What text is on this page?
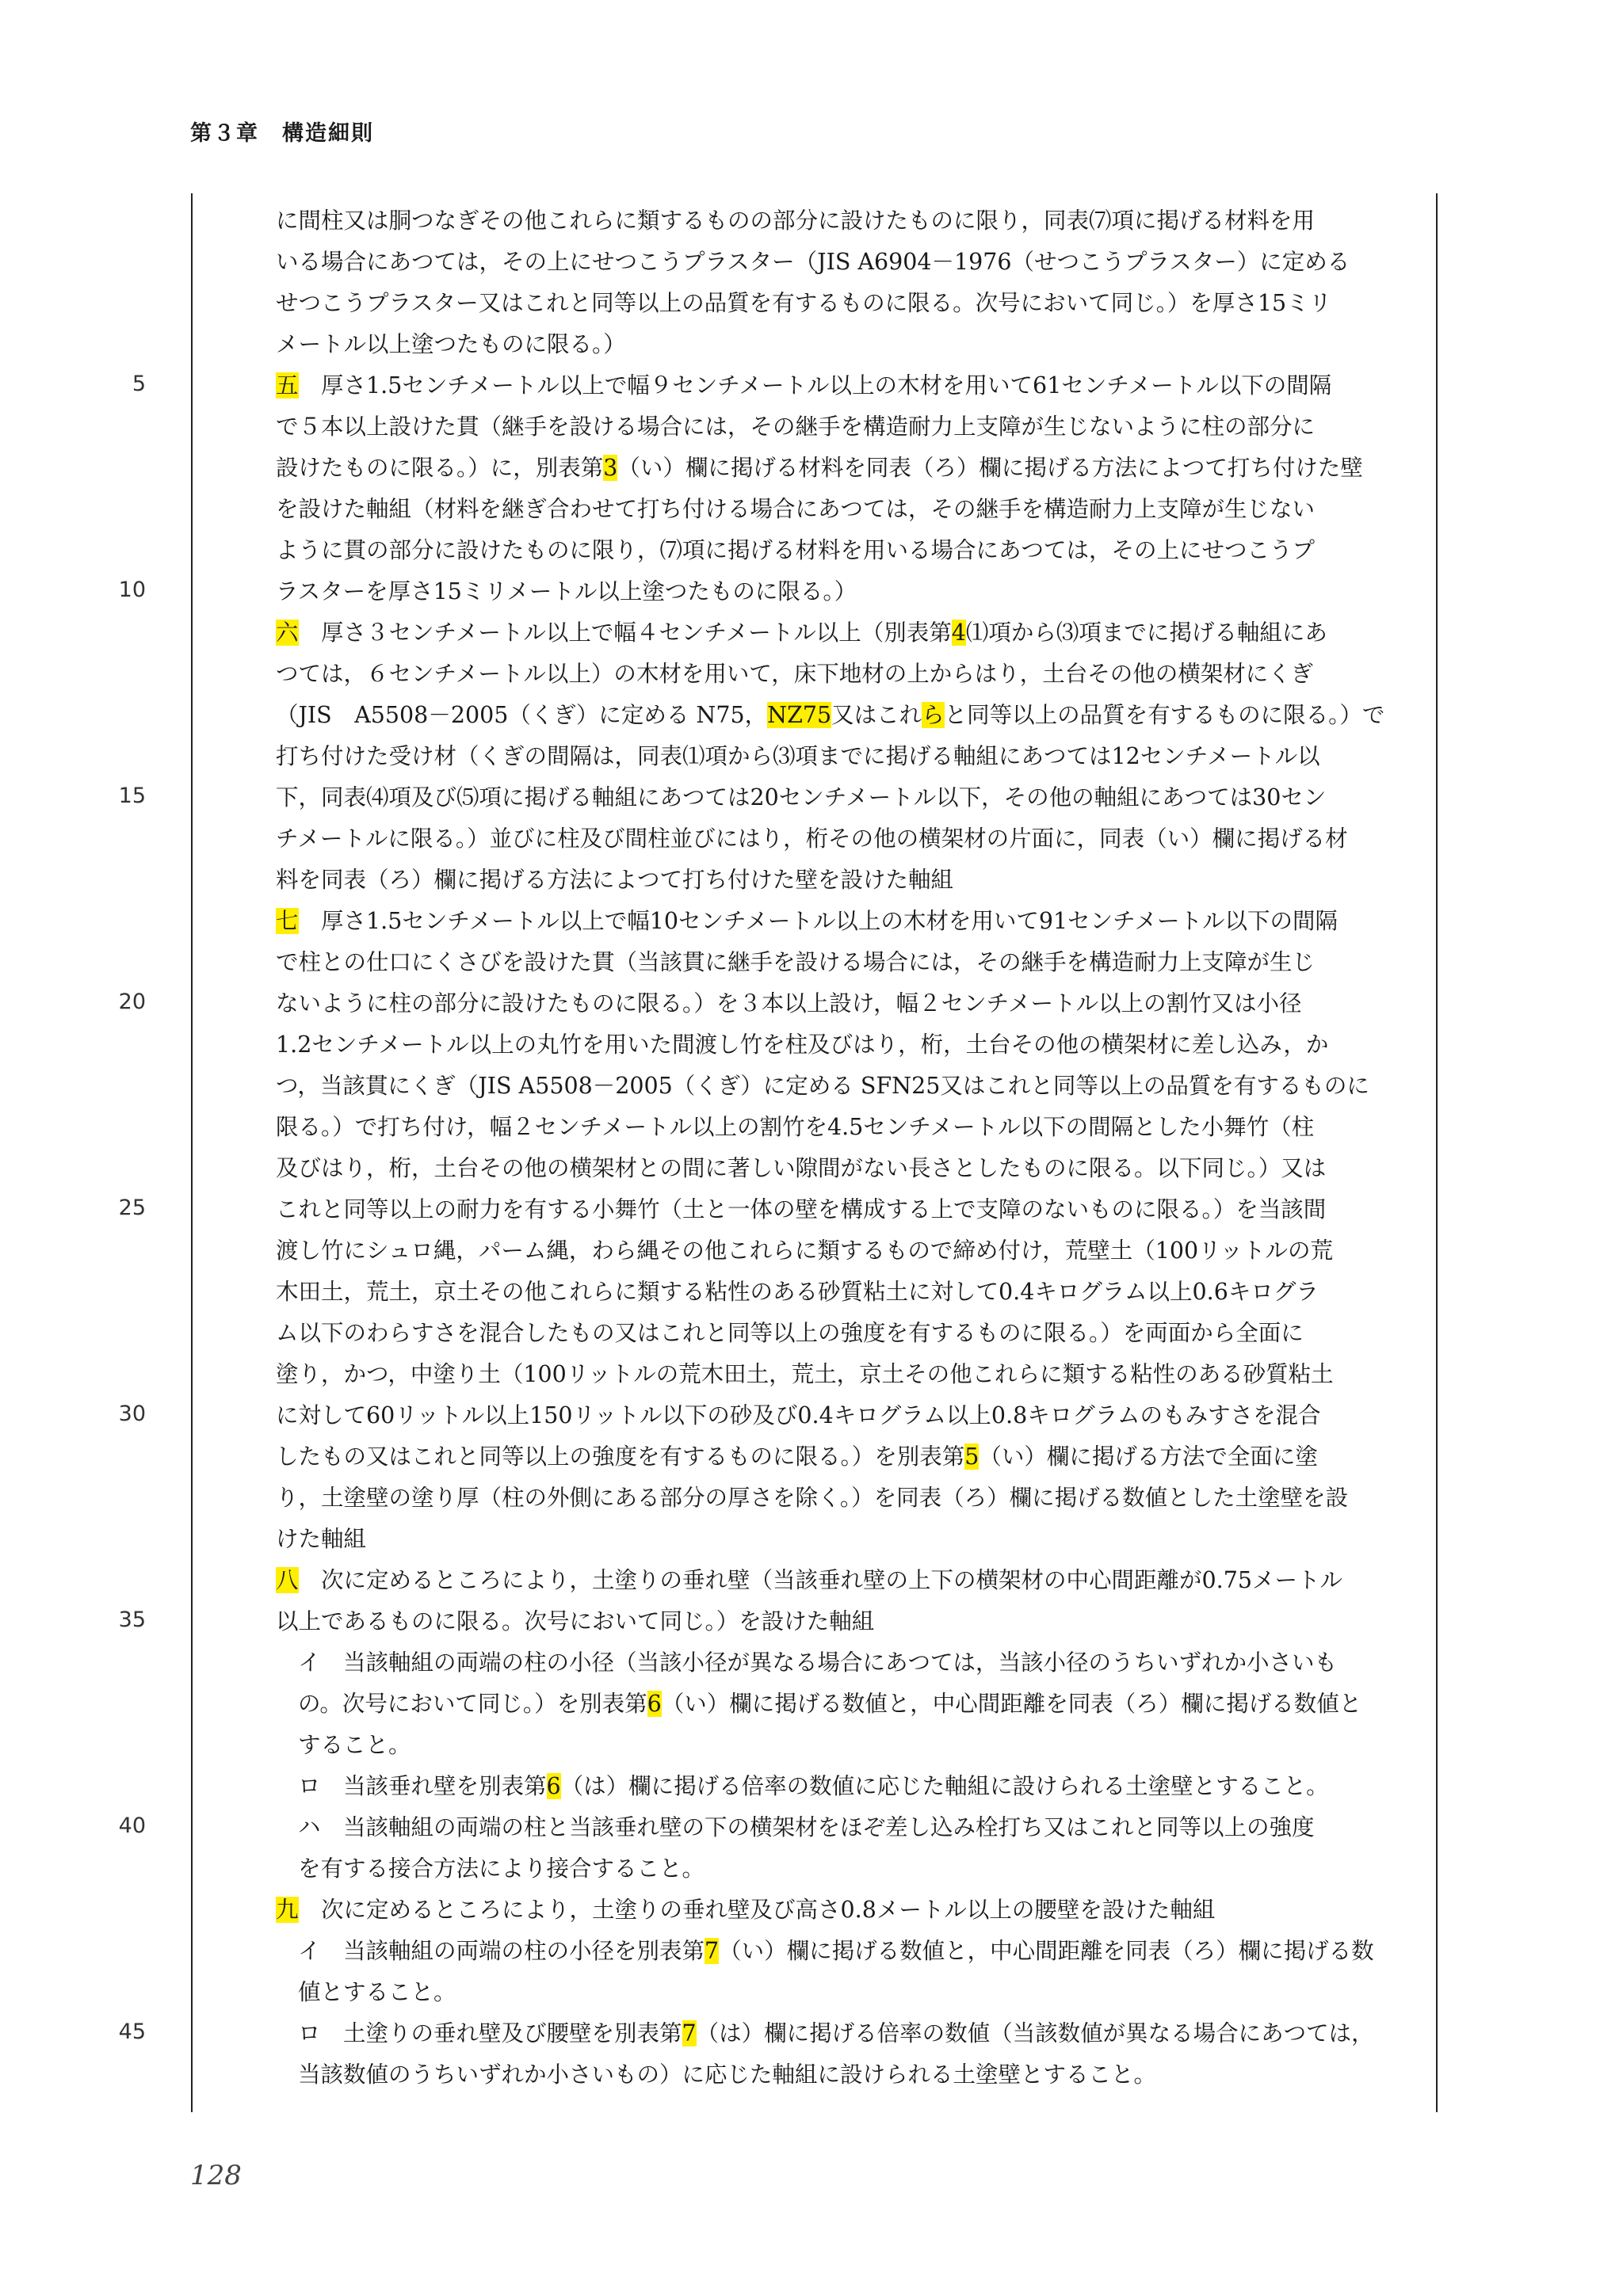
第３章　構造細則
5
10
15
20
25
30
35
40
45
に間柱又は胴つなぎその他これらに類するものの部分に設けたものに限り，同表⑺項に掲げる材料を用
いる場合にあつては，その上にせつこうプラスター（JIS A6904－1976（せつこうプラスター）に定める
せつこうプラスター又はこれと同等以上の品質を有するものに限る。次号において同じ。）を厚さ15ミリ
メートル以上塗つたものに限る。）
五　厚さ1.5センチメートル以上で幅９センチメートル以上の木材を用いて61センチメートル以下の間隔
で５本以上設けた貫（継手を設ける場合には，その継手を構造耐力上支障が生じないように柱の部分に
設けたものに限る。）に，別表第3（い）欄に掲げる材料を同表（ろ）欄に掲げる方法によつて打ち付けた壁
を設けた軸組（材料を継ぎ合わせて打ち付ける場合にあつては，その継手を構造耐力上支障が生じない
ように貫の部分に設けたものに限り，⑺項に掲げる材料を用いる場合にあつては，その上にせつこうプ
ラスターを厚さ15ミリメートル以上塗つたものに限る。）
六　厚さ３センチメートル以上で幅４センチメートル以上（別表第4⑴項から⑶項までに掲げる軸組にあ
つては，６センチメートル以上）の木材を用いて，床下地材の上からはり，土台その他の横架材にくぎ
（JIS　A5508－2005（くぎ）に定める N75，NZ75又はこれらと同等以上の品質を有するものに限る。）で
打ち付けた受け材（くぎの間隔は，同表⑴項から⑶項までに掲げる軸組にあつては12センチメートル以
下，同表⑷項及び⑸項に掲げる軸組にあつては20センチメートル以下，その他の軸組にあつては30セン
チメートルに限る。）並びに柱及び間柱並びにはり，桁その他の横架材の片面に，同表（い）欄に掲げる材
料を同表（ろ）欄に掲げる方法によつて打ち付けた壁を設けた軸組
七　厚さ1.5センチメートル以上で幅10センチメートル以上の木材を用いて91センチメートル以下の間隔
で柱との仕口にくさびを設けた貫（当該貫に継手を設ける場合には，その継手を構造耐力上支障が生じ
ないように柱の部分に設けたものに限る。）を３本以上設け，幅２センチメートル以上の割竹又は小径
1.2センチメートル以上の丸竹を用いた間渡し竹を柱及びはり，桁，土台その他の横架材に差し込み，か
つ，当該貫にくぎ（JIS A5508－2005（くぎ）に定める SFN25又はこれと同等以上の品質を有するものに
限る。）で打ち付け，幅２センチメートル以上の割竹を4.5センチメートル以下の間隔とした小舞竹（柱
及びはり，桁，土台その他の横架材との間に著しい隙間がない長さとしたものに限る。以下同じ。）又は
これと同等以上の耐力を有する小舞竹（土と一体の壁を構成する上で支障のないものに限る。）を当該間
渡し竹にシュロ縄，パーム縄，わら縄その他これらに類するもので締め付け，荒壁土（100リットルの荒
木田土，荒土，京土その他これらに類する粘性のある砂質粘土に対して0.4キログラム以上0.6キログラ
ム以下のわらすさを混合したもの又はこれと同等以上の強度を有するものに限る。）を両面から全面に
塗り，かつ，中塗り土（100リットルの荒木田土，荒土，京土その他これらに類する粘性のある砂質粘土
に対して60リットル以上150リットル以下の砂及び0.4キログラム以上0.8キログラムのもみすさを混合
したもの又はこれと同等以上の強度を有するものに限る。）を別表第5（い）欄に掲げる方法で全面に塗
り，土塗壁の塗り厚（柱の外側にある部分の厚さを除く。）を同表（ろ）欄に掲げる数値とした土塗壁を設
けた軸組
八　次に定めるところにより，土塗りの垂れ壁（当該垂れ壁の上下の横架材の中心間距離が0.75メートル
以上であるものに限る。次号において同じ。）を設けた軸組
イ　当該軸組の両端の柱の小径（当該小径が異なる場合にあつては，当該小径のうちいずれか小さいも
の。次号において同じ。）を別表第6（い）欄に掲げる数値と，中心間距離を同表（ろ）欄に掲げる数値と
すること。
ロ　当該垂れ壁を別表第6（は）欄に掲げる倍率の数値に応じた軸組に設けられる土塗壁とすること。
ハ　当該軸組の両端の柱と当該垂れ壁の下の横架材をほぞ差し込み栓打ち又はこれと同等以上の強度
を有する接合方法により接合すること。
九　次に定めるところにより，土塗りの垂れ壁及び高さ0.8メートル以上の腰壁を設けた軸組
イ　当該軸組の両端の柱の小径を別表第7（い）欄に掲げる数値と，中心間距離を同表（ろ）欄に掲げる数
値とすること。
ロ　土塗りの垂れ壁及び腰壁を別表第7（は）欄に掲げる倍率の数値（当該数値が異なる場合にあつては，
当該数値のうちいずれか小さいもの）に応じた軸組に設けられる土塗壁とすること。
128
